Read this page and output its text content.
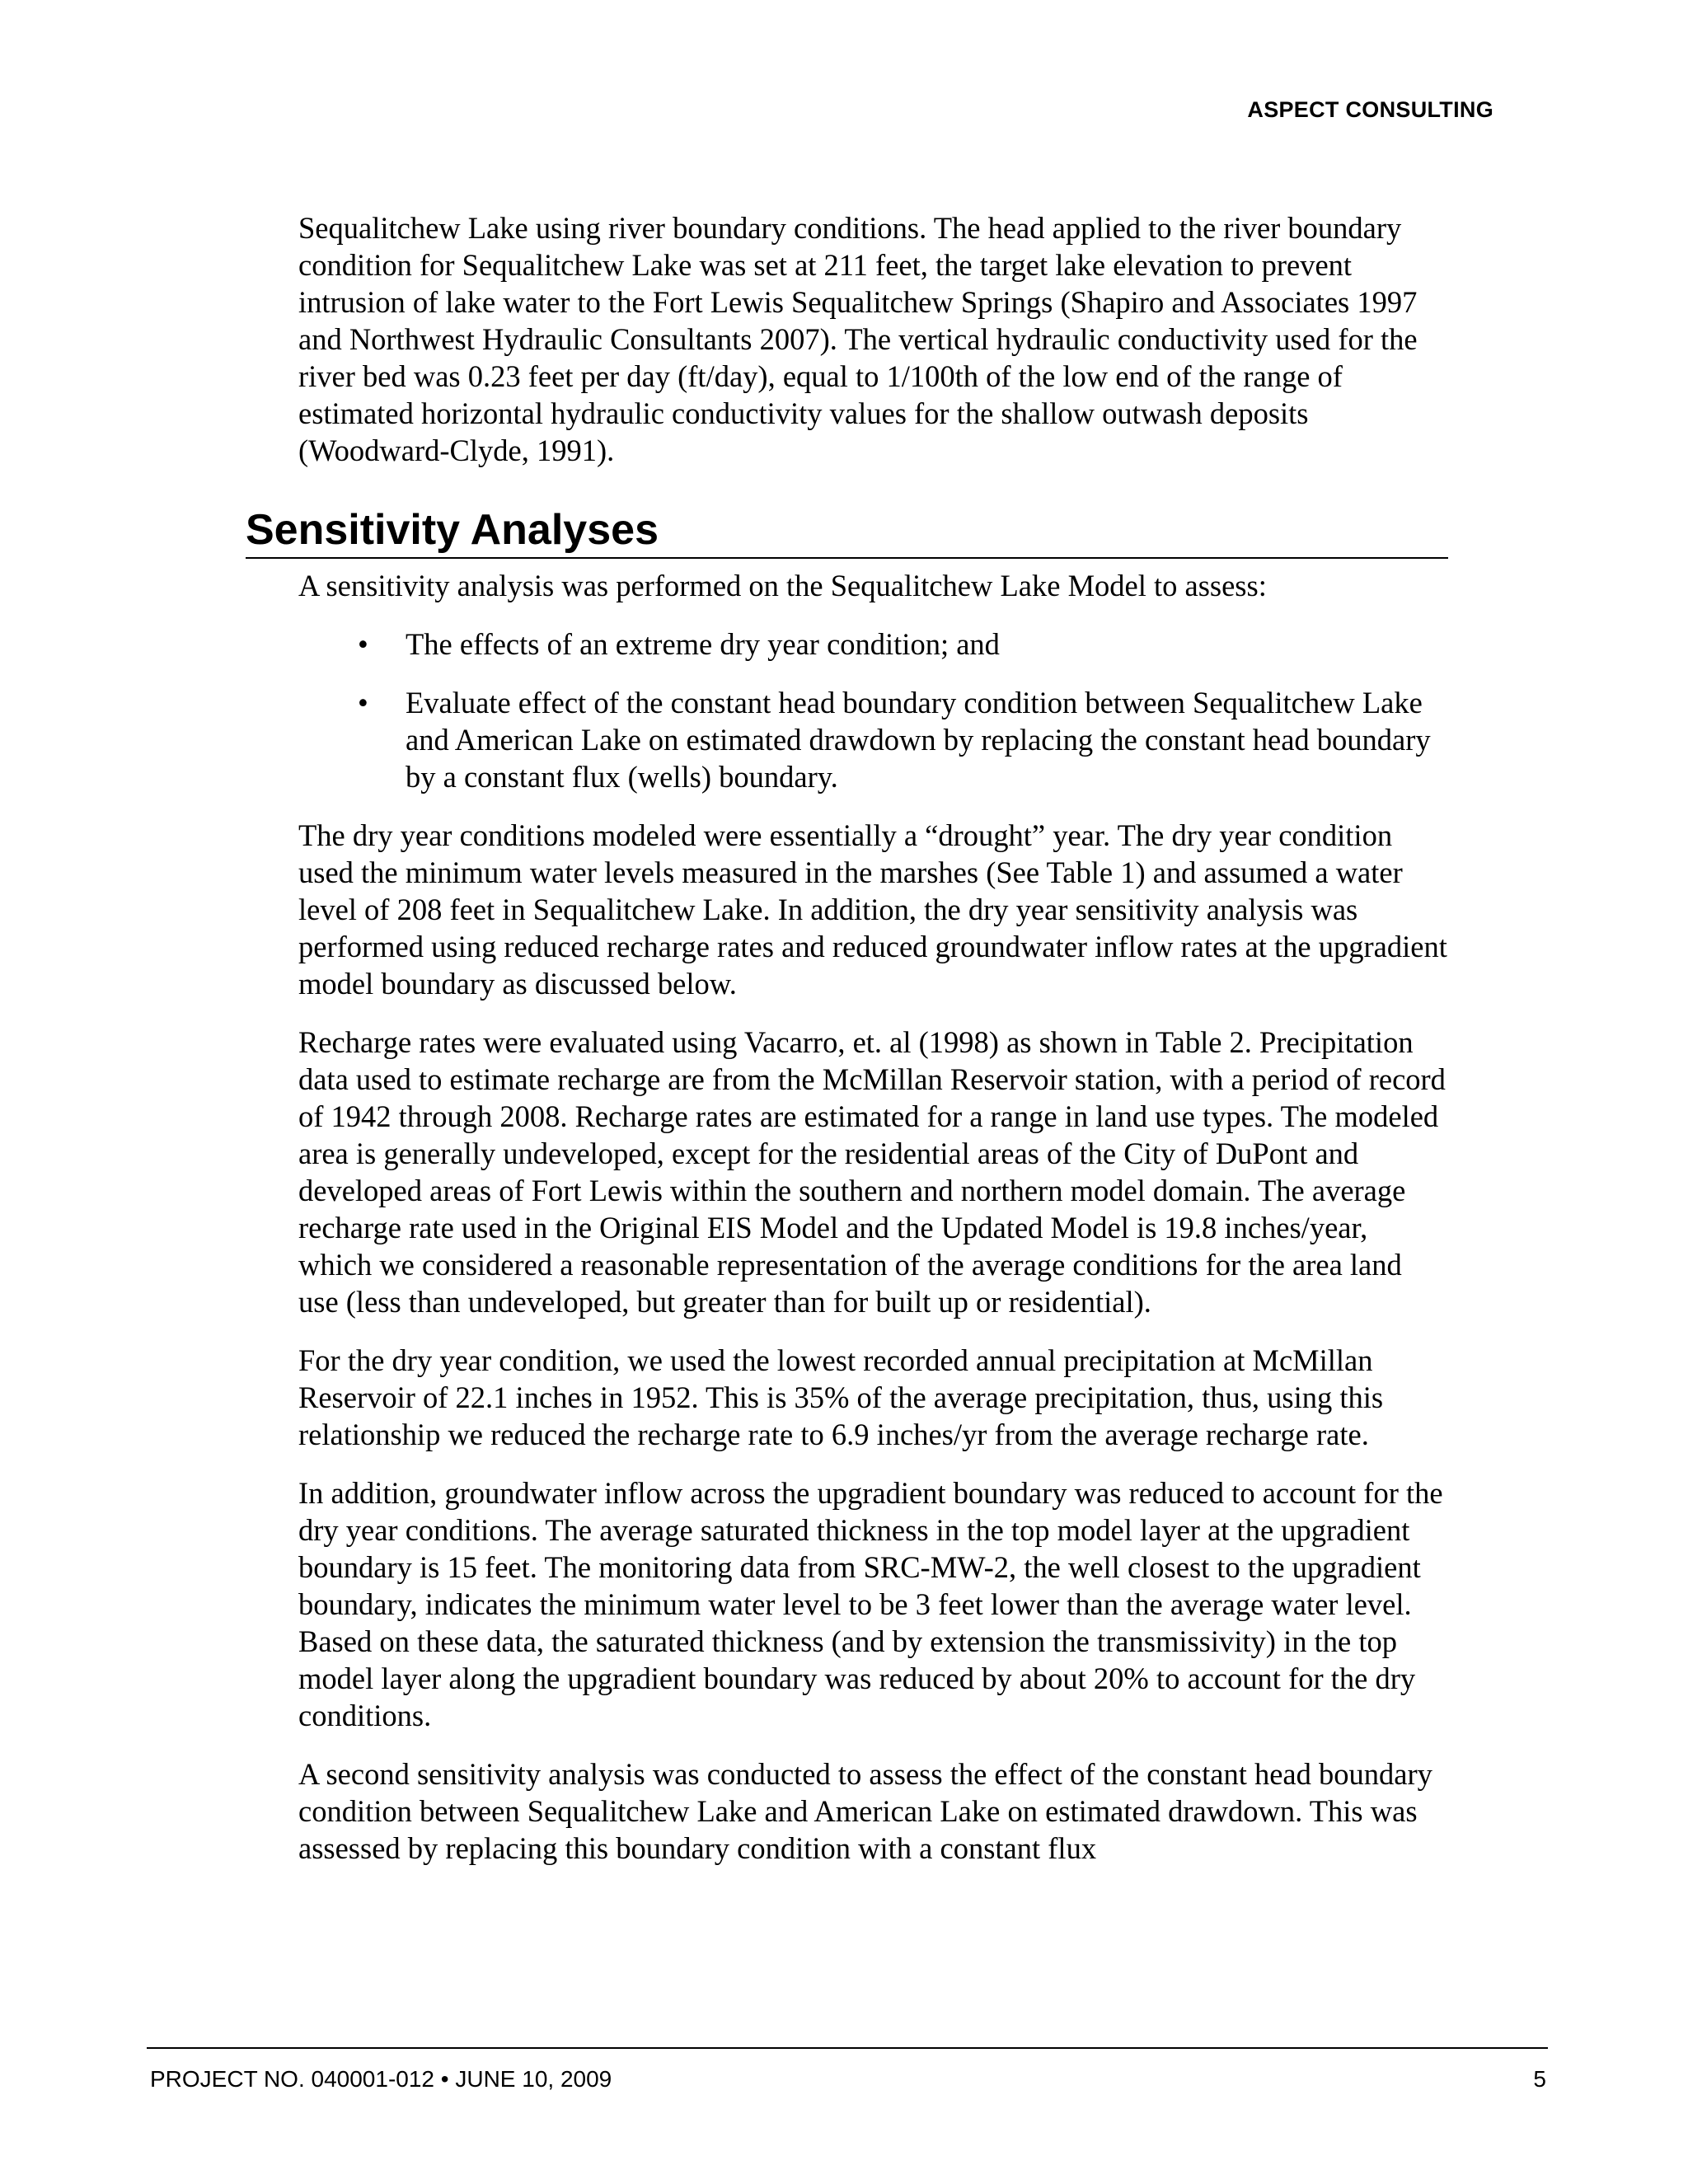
ASPECT CONSULTING

Sequalitchew Lake using river boundary conditions. The head applied to the river boundary condition for Sequalitchew Lake was set at 211 feet, the target lake elevation to prevent intrusion of lake water to the Fort Lewis Sequalitchew Springs (Shapiro and Associates 1997 and Northwest Hydraulic Consultants 2007). The vertical hydraulic conductivity used for the river bed was 0.23 feet per day (ft/day), equal to 1/100th of the low end of the range of estimated horizontal hydraulic conductivity values for the shallow outwash deposits (Woodward-Clyde, 1991).

Sensitivity Analyses

A sensitivity analysis was performed on the Sequalitchew Lake Model to assess:

• The effects of an extreme dry year condition; and
• Evaluate effect of the constant head boundary condition between Sequalitchew Lake and American Lake on estimated drawdown by replacing the constant head boundary by a constant flux (wells) boundary.

The dry year conditions modeled were essentially a “drought” year. The dry year condition used the minimum water levels measured in the marshes (See Table 1) and assumed a water level of 208 feet in Sequalitchew Lake. In addition, the dry year sensitivity analysis was performed using reduced recharge rates and reduced groundwater inflow rates at the upgradient model boundary as discussed below.

Recharge rates were evaluated using Vacarro, et. al (1998) as shown in Table 2. Precipitation data used to estimate recharge are from the McMillan Reservoir station, with a period of record of 1942 through 2008. Recharge rates are estimated for a range in land use types. The modeled area is generally undeveloped, except for the residential areas of the City of DuPont and developed areas of Fort Lewis within the southern and northern model domain. The average recharge rate used in the Original EIS Model and the Updated Model is 19.8 inches/year, which we considered a reasonable representation of the average conditions for the area land use (less than undeveloped, but greater than for built up or residential).

For the dry year condition, we used the lowest recorded annual precipitation at McMillan Reservoir of 22.1 inches in 1952. This is 35% of the average precipitation, thus, using this relationship we reduced the recharge rate to 6.9 inches/yr from the average recharge rate.

In addition, groundwater inflow across the upgradient boundary was reduced to account for the dry year conditions. The average saturated thickness in the top model layer at the upgradient boundary is 15 feet. The monitoring data from SRC-MW-2, the well closest to the upgradient boundary, indicates the minimum water level to be 3 feet lower than the average water level. Based on these data, the saturated thickness (and by extension the transmissivity) in the top model layer along the upgradient boundary was reduced by about 20% to account for the dry conditions.

A second sensitivity analysis was conducted to assess the effect of the constant head boundary condition between Sequalitchew Lake and American Lake on estimated drawdown. This was assessed by replacing this boundary condition with a constant flux

PROJECT NO. 040001-012 • JUNE 10, 2009	5
